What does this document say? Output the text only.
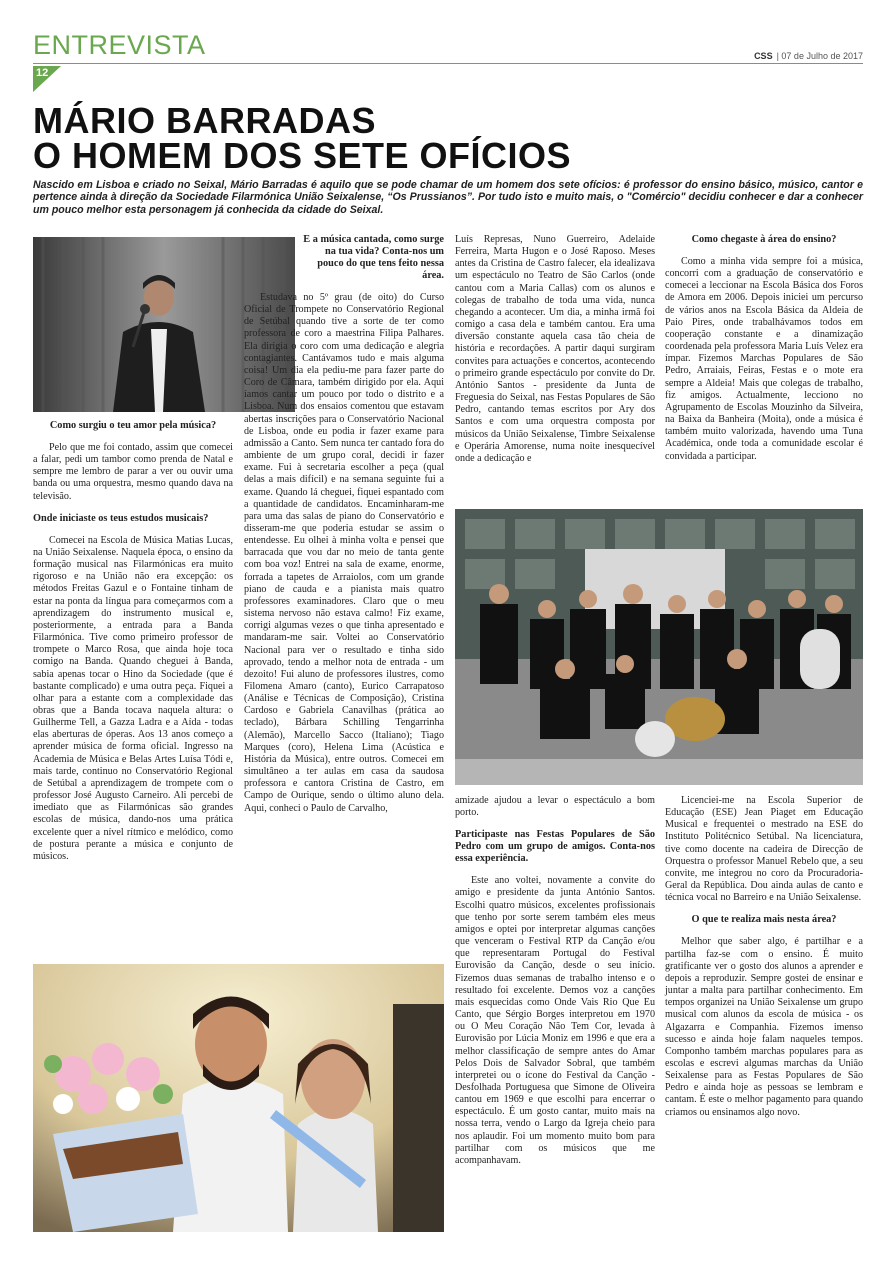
ENTREVISTA	CSS | 07 de Julho de 2017
12
MÁRIO BARRADAS
O HOMEM DOS SETE OFÍCIOS
Nascido em Lisboa e criado no Seixal, Mário Barradas é aquilo que se pode chamar de um homem dos sete ofícios: é professor do ensino básico, músico, cantor e pertence ainda à direção da Sociedade Filarmónica União Seixalense, “Os Prussianos”. Por tudo isto e muito mais, o "Comércio" decidiu conhecer e dar a conhecer um pouco melhor esta personagem já conhecida da cidade do Seixal.
Como surgiu o teu amor pela música?

Pelo que me foi contado, assim que comecei a falar, pedi um tambor como prenda de Natal e sempre me lembro de parar a ver ou ouvir uma banda ou uma orquestra, mesmo quando dava na televisão.

Onde iniciaste os teus estudos musicais?

Comecei na Escola de Música Matias Lucas, na União Seixalense. Naquela época, o ensino da formação musical nas Filarmónicas era muito rigoroso e na União não era excepção: os métodos Freitas Gazul e o Fontaine tinham de estar na ponta da língua para começarmos com a aprendizagem do instrumento musical e, posteriormente, a entrada para a Banda Filarmónica. Tive como primeiro professor de trompete o Marco Rosa, que ainda hoje toca comigo na Banda. Quando cheguei à Banda, sabia apenas tocar o Hino da Sociedade (que é bastante complicado) e uma outra peça. Fiquei a olhar para a estante com a complexidade das obras que a Banda tocava naquela altura: o Guilherme Tell, a Gazza Ladra e a Aída - todas elas aberturas de óperas. Aos 13 anos começo a aprender música de forma oficial. Ingresso na Academia de Música e Belas Artes Luísa Tódi e, mais tarde, continuo no Conservatório Regional de Setúbal a aprendizagem de trompete com o professor José Augusto Carneiro. Ali percebi de imediato que as Filarmónicas são grandes escolas de música, dando-nos uma prática excelente quer a nível rítmico e melódico, como de postura perante a música e conjunto de músicos.

E a música cantada, como surge na tua vida? Conta-nos um pouco do que tens feito nessa área.

Estudava no 5º grau (de oito) do Curso Oficial de Trompete no Conservatório Regional de Setúbal quando tive a sorte de ter como professora de coro a maestrina Filipa Palhares. Ela dirigia o coro com uma dedicação e alegria contagiantes. Cantávamos tudo e mais alguma coisa! Um dia ela pediu-me para fazer parte do Coro de Câmara, também dirigido por ela. Aqui íamos cantar um pouco por todo o distrito e a Lisboa. Num dos ensaios comentou que estavam abertas inscrições para o Conservatório Nacional de Lisboa, onde eu podia ir fazer exame para admissão a Canto. Sem nunca ter cantado fora do ambiente de um grupo coral, decidi ir fazer exame. Fui à secretaria escolher a peça (qual delas a mais difícil) e na semana seguinte fui a exame. Quando lá cheguei, fiquei espantado com a quantidade de candidatos. Encaminharam-me para uma das salas de piano do Conservatório e disseram-me que poderia estudar se assim o entendesse. Eu olhei à minha volta e pensei que barracada que vou dar no meio de tanta gente com boa voz! Entrei na sala de exame, enorme, forrada a tapetes de Arraiolos, com um grande piano de cauda e a pianista mais quatro professores examinadores. Claro que o meu sistema nervoso não estava calmo! Fiz exame, corrigi algumas vezes o que tinha apresentado e mandaram-me sair. Voltei ao Conservatório Nacional para ver o resultado e tinha sido aprovado, tendo a melhor nota de entrada - um dezoito! Fui aluno de professores ilustres, como Filomena Amaro (canto), Eurico Carrapatoso (Análise e Técnicas de Composição), Cristina Cardoso e Gabriela Canavilhas (prática ao teclado), Bárbara Schilling Tengarrinha (Alemão), Marcello Sacco (Italiano); Tiago Marques (coro), Helena Lima (Acústica e História da Música), entre outros. Comecei em simultâneo a ter aulas em casa da saudosa professora e cantora Cristina de Castro, em Campo de Ourique, sendo o último aluno dela. Aqui, conheci o Paulo de Carvalho,

Luís Represas, Nuno Guerreiro, Adelaide Ferreira, Marta Hugon e o José Raposo. Meses antes da Cristina de Castro falecer, ela idealizava um espectáculo no Teatro de São Carlos (onde cantou com a Maria Callas) com os alunos e colegas de trabalho de toda uma vida, nunca chegando a acontecer. Um dia, a minha irmã foi comigo a casa dela e também cantou. Era uma diversão constante aquela casa tão cheia de história e recordações. A partir daqui surgiram convites para actuações e concertos, acontecendo o primeiro grande espectáculo por convite do Dr. António Santos - presidente da Junta de Freguesia do Seixal, nas Festas Populares de São Pedro, cantando temas escritos por Ary dos Santos e com uma orquestra composta por músicos da União Seixalense, Timbre Seixalense e Operária Amorense, numa noite inesquecível onde a dedicação e

Como chegaste à área do ensino?

Como a minha vida sempre foi a música, concorri com a graduação de conservatório e comecei a leccionar na Escola Básica dos Foros de Amora em 2006. Depois iniciei um percurso de vários anos na Escola Básica da Aldeia de Paio Pires, onde trabalhávamos todos em cooperação constante e a dinamização coordenada pela professora Maria Luís Velez era ímpar. Fizemos Marchas Populares de São Pedro, Arraiais, Feiras, Festas e o mote era sempre a Aldeia! Mais que colegas de trabalho, fiz amigos. Actualmente, lecciono no Agrupamento de Escolas Mouzinho da Silveira, na Baixa da Banheira (Moita), onde a música é também muito valorizada, havendo uma Tuna Académica, onde toda a comunidade escolar é convidada a participar.

amizade ajudou a levar o espectáculo a bom porto.

Participaste nas Festas Populares de São Pedro com um grupo de amigos. Conta-nos essa experiência.

Este ano voltei, novamente a convite do amigo e presidente da junta António Santos. Escolhi quatro músicos, excelentes profissionais que tenho por sorte serem também eles meus amigos e optei por interpretar algumas canções que venceram o Festival RTP da Canção e/ou que representaram Portugal do Festival Eurovisão da Canção, desde o seu início. Fizemos duas semanas de trabalho intenso e o resultado foi excelente. Demos voz a canções mais esquecidas como Onde Vais Rio Que Eu Canto, que Sérgio Borges interpretou em 1970 ou O Meu Coração Não Tem Cor, levada à Eurovisão por Lúcia Moniz em 1996 e que era a melhor classificação de sempre antes do Amar Pelos Dois de Salvador Sobral, que também interpretei ou o ícone do Festival da Canção - Desfolhada Portuguesa que Simone de Oliveira cantou em 1969 e que escolhi para encerrar o espectáculo. É um gosto cantar, muito mais na nossa terra, vendo o Largo da Igreja cheio para nos aplaudir. Foi um momento muito bom para partilhar com os músicos que me acompanhavam.

Licenciei-me na Escola Superior de Educação (ESE) Jean Piaget em Educação Musical e frequentei o mestrado na ESE do Instituto Politécnico Setúbal. Na licenciatura, tive como docente na cadeira de Direcção de Orquestra o professor Manuel Rebelo que, a seu convite, me integrou no coro da Procuradoria-Geral da República. Dou ainda aulas de canto e técnica vocal no Barreiro e na União Seixalense.

O que te realiza mais nesta área?

Melhor que saber algo, é partilhar e a partilha faz-se com o ensino. É muito gratificante ver o gosto dos alunos a aprender e depois a reproduzir. Sempre gostei de ensinar e juntar a malta para partilhar conhecimento. Em tempos organizei na União Seixalense um grupo musical com alunos da escola de música - os Algazarra e Companhia. Fizemos imenso sucesso e ainda hoje falam naqueles tempos. Componho também marchas populares para as escolas e escrevi algumas marchas da União Seixalense para as Festas Populares de São Pedro e ainda hoje as pessoas se lembram e cantam. É este o melhor pagamento para quando criamos ou ensinamos algo novo.
